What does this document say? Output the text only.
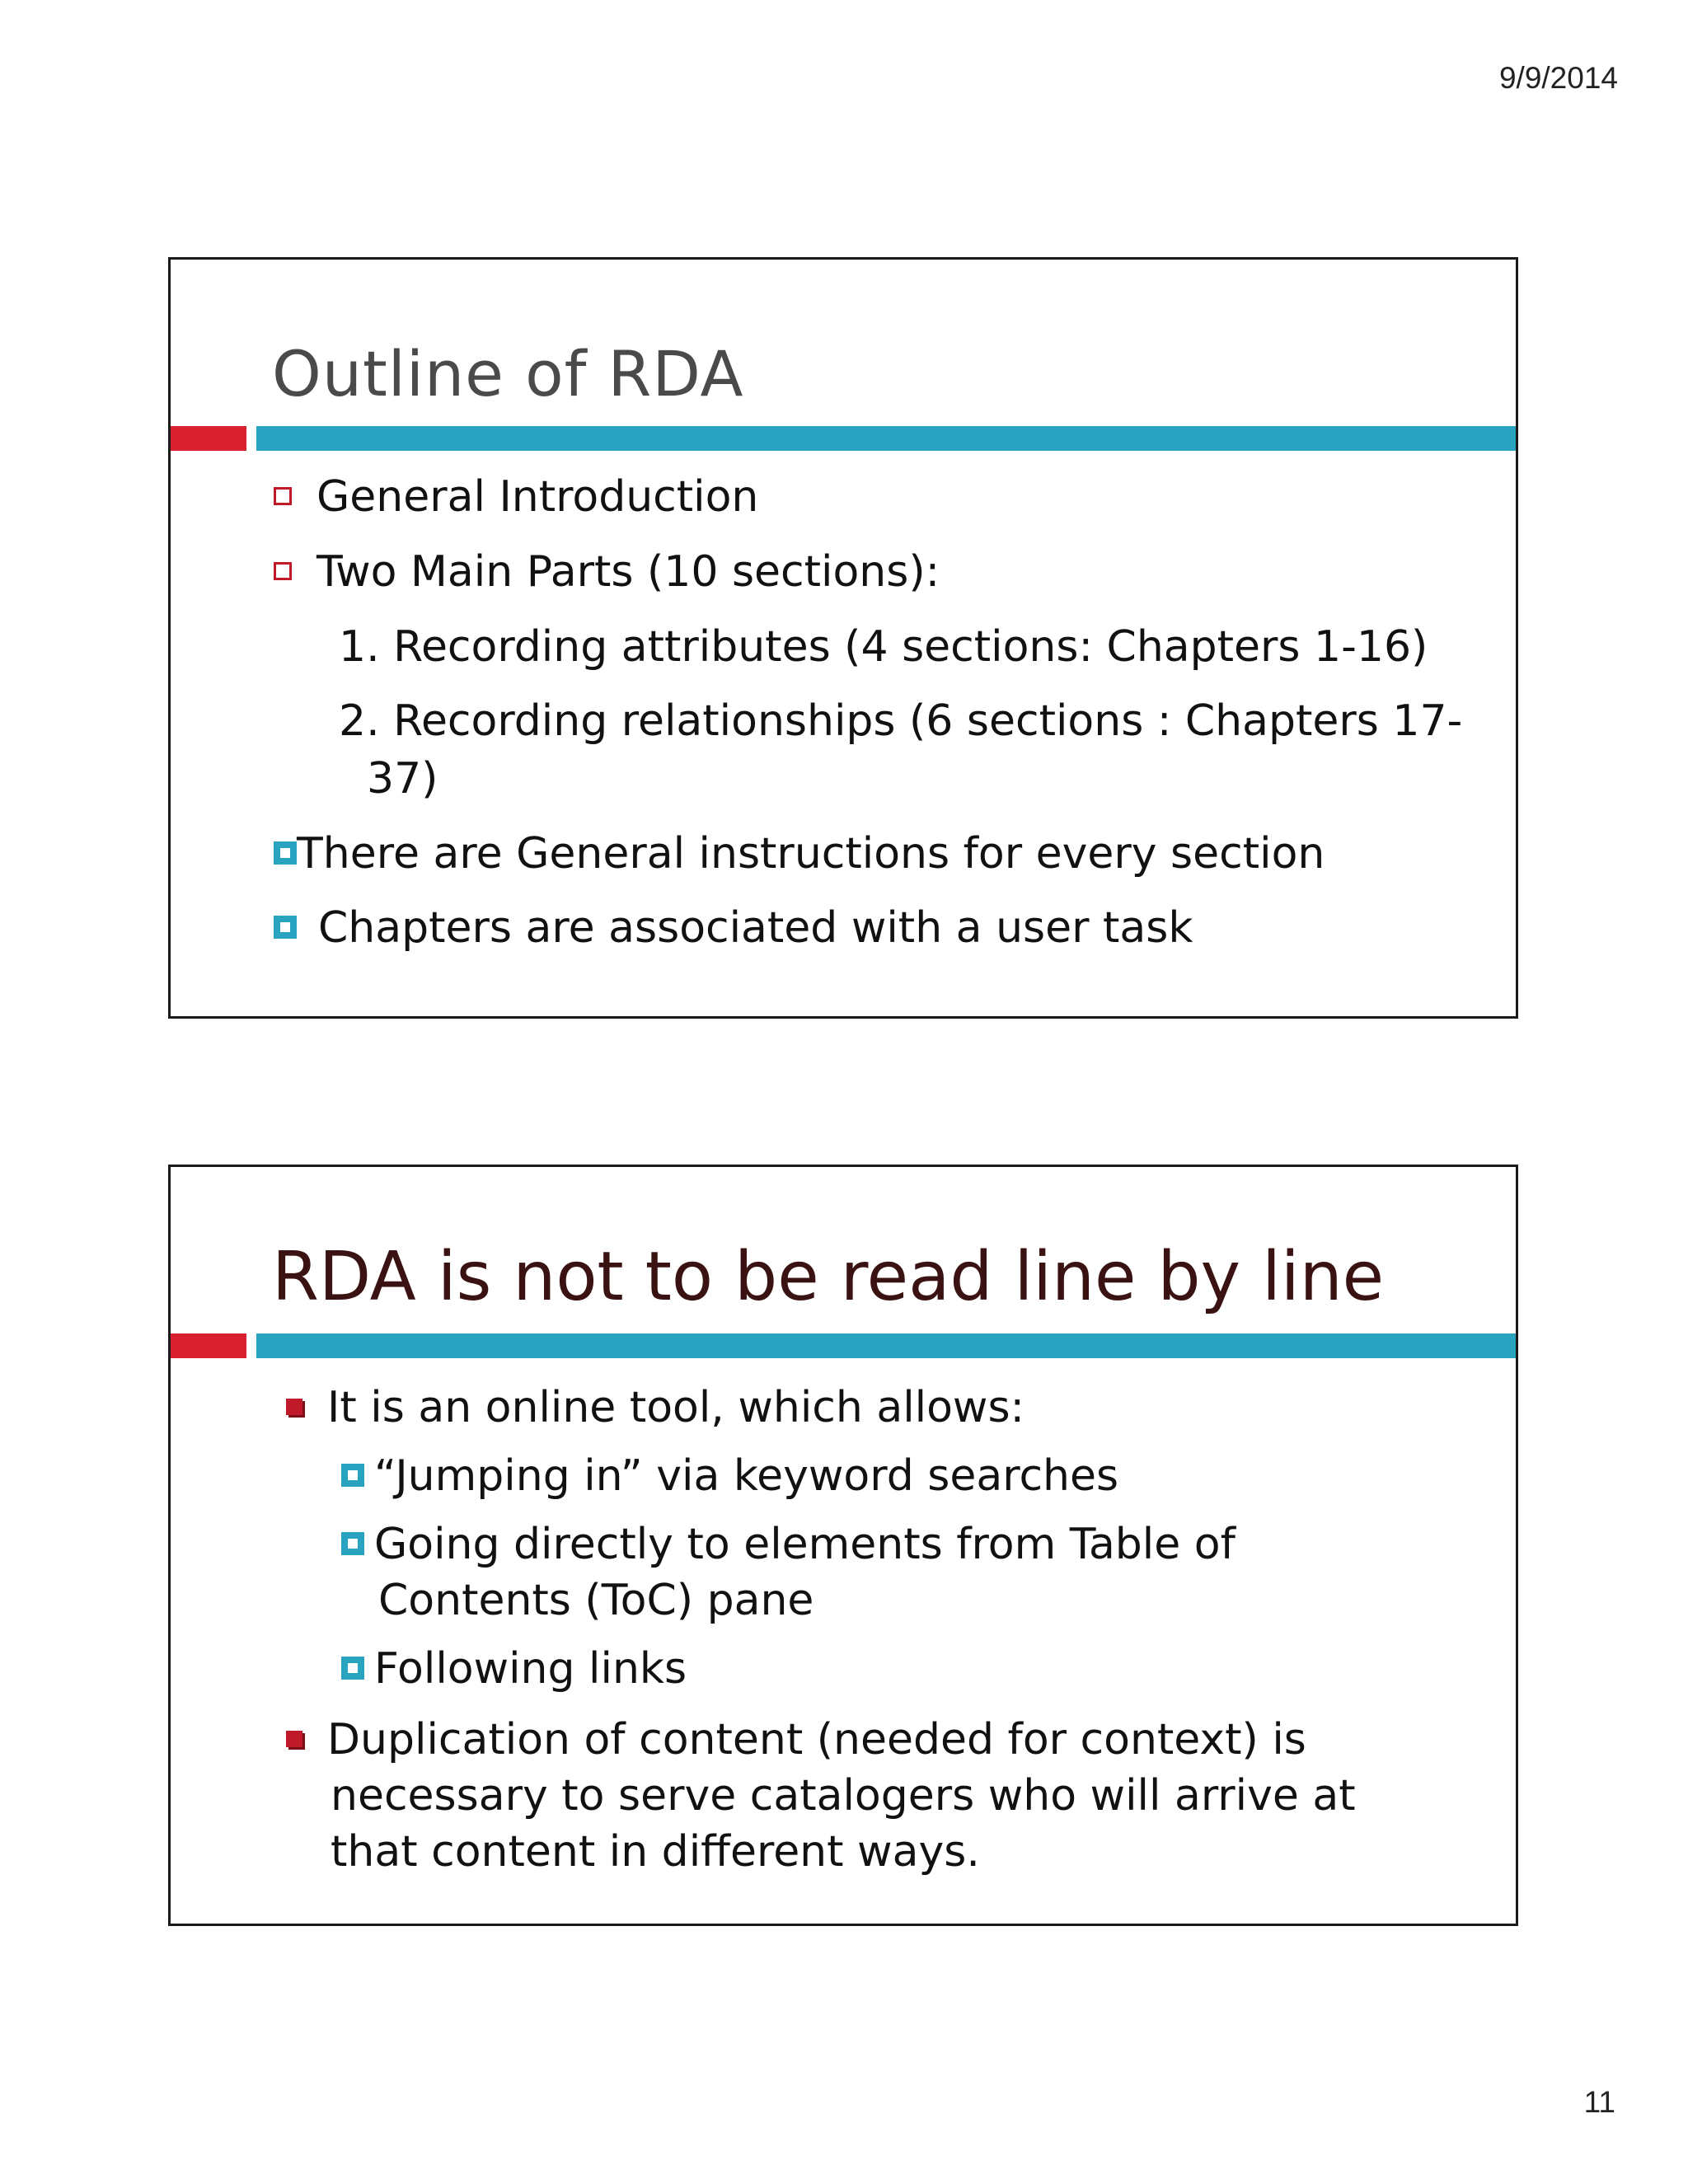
9/9/2014
Outline of RDA
General Introduction
Two Main Parts (10 sections):
1. Recording attributes (4 sections: Chapters 1-16)
2. Recording relationships (6 sections : Chapters 17-
37)
There are General instructions for every section
Chapters are associated with a user task
RDA is not to be read line by line
It is an online tool, which allows:
“Jumping in” via keyword searches
Going directly to elements from Table of
Contents (ToC) pane
Following links
Duplication of content (needed for context) is
necessary to serve catalogers who will arrive at
that content in different ways.
11
